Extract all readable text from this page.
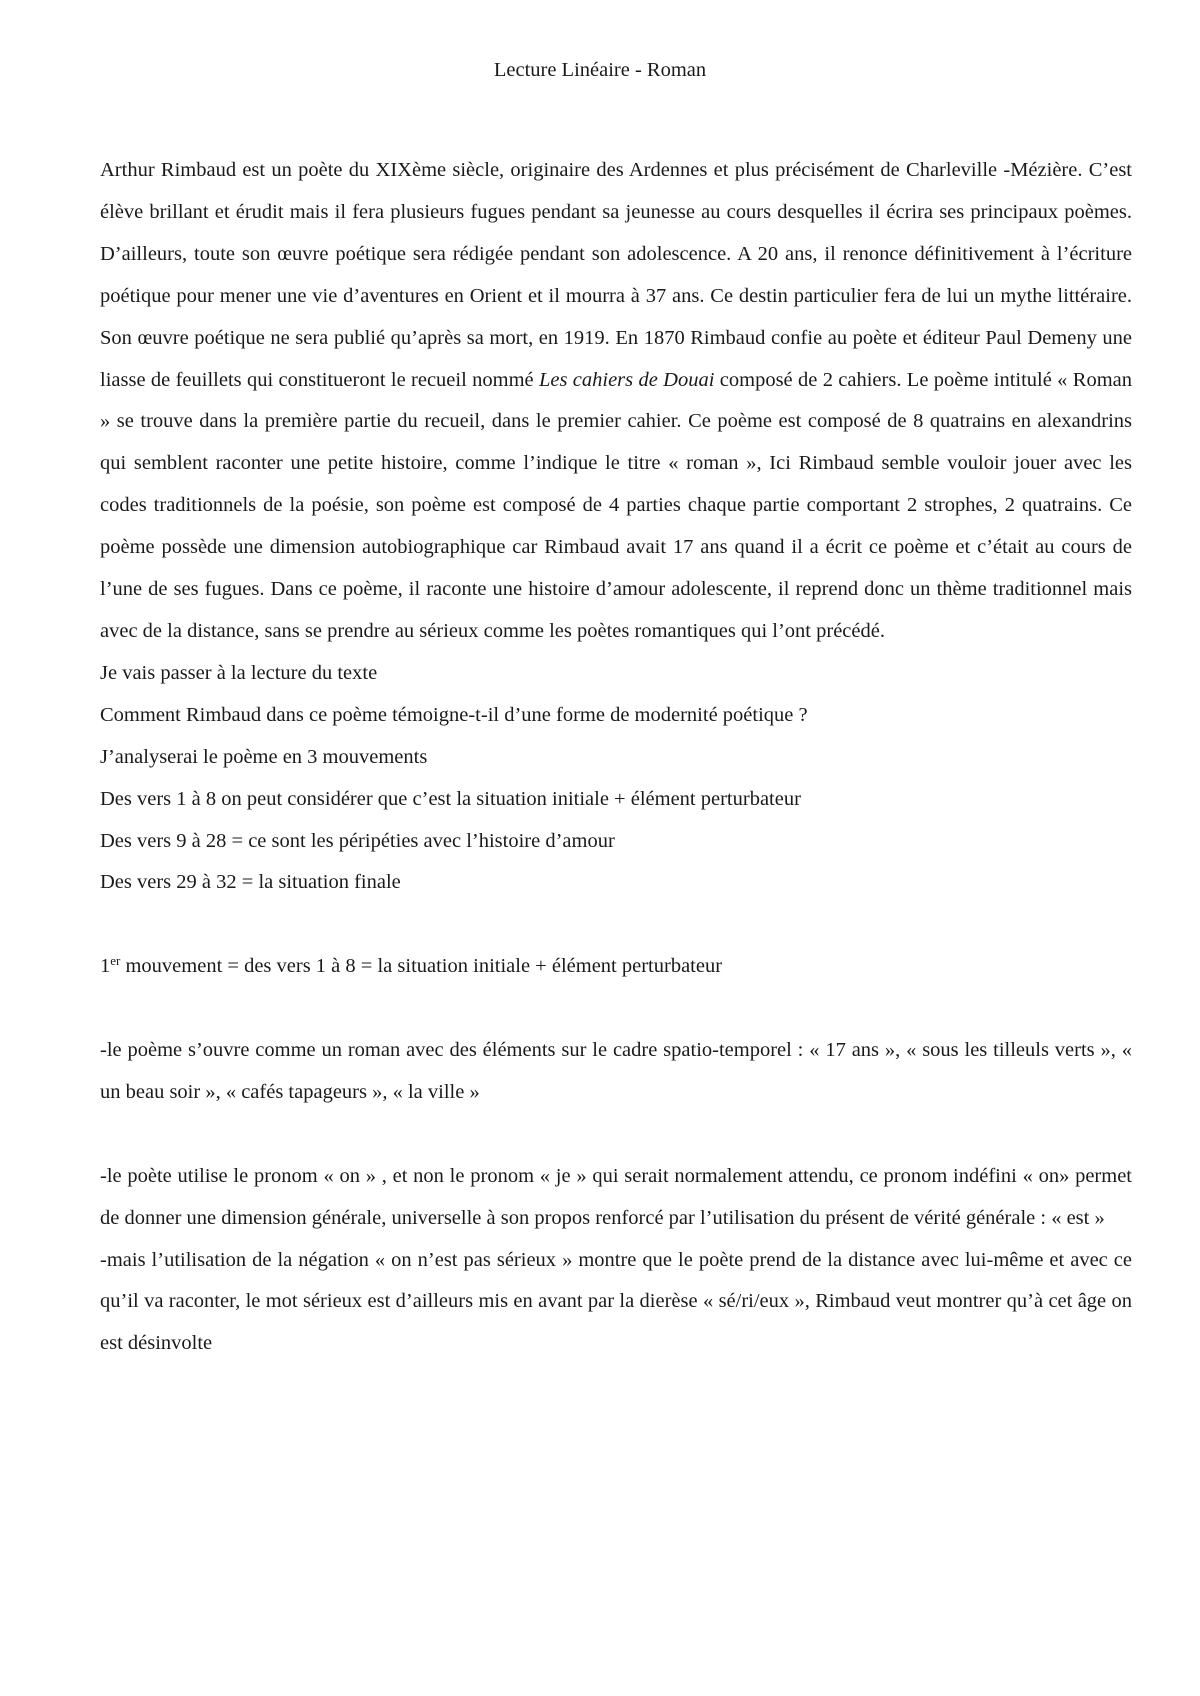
Lecture Linéaire - Roman

Arthur Rimbaud est un poète du XIXème siècle, originaire des Ardennes et plus précisément de Charleville -Mézière. C’est élève brillant et érudit mais il fera plusieurs fugues pendant sa jeunesse au cours desquelles il écrira ses principaux poèmes. D’ailleurs, toute son œuvre poétique sera rédigée pendant son adolescence. A 20 ans, il renonce définitivement à l’écriture poétique pour mener une vie d’aventures en Orient et il mourra à 37 ans. Ce destin particulier fera de lui un mythe littéraire. Son œuvre poétique ne sera publié qu’après sa mort, en 1919. En 1870 Rimbaud confie au poète et éditeur Paul Demeny une liasse de feuillets qui constitueront le recueil nommé Les cahiers de Douai composé de 2 cahiers. Le poème intitulé « Roman » se trouve dans la première partie du recueil, dans le premier cahier. Ce poème est composé de 8 quatrains en alexandrins qui semblent raconter une petite histoire, comme l’indique le titre « roman », Ici Rimbaud semble vouloir jouer avec les codes traditionnels de la poésie, son poème est composé de 4 parties chaque partie comportant 2 strophes, 2 quatrains. Ce poème possède une dimension autobiographique car Rimbaud avait 17 ans quand il a écrit ce poème et c’était au cours de l’une de ses fugues. Dans ce poème, il raconte une histoire d’amour adolescente, il reprend donc un thème traditionnel mais avec de la distance, sans se prendre au sérieux comme les poètes romantiques qui l’ont précédé.

Je vais passer à la lecture du texte

Comment Rimbaud dans ce poème témoigne-t-il d’une forme de modernité poétique ?

J’analyserai le poème en 3 mouvements

Des vers 1 à 8 on peut considérer que c’est la situation initiale + élément perturbateur

Des vers 9 à 28 = ce sont les péripéties avec l’histoire d’amour

Des vers 29 à 32 = la situation finale

1er mouvement = des vers 1 à 8 = la situation initiale + élément perturbateur

-le poème s’ouvre comme un roman avec des éléments sur le cadre spatio-temporel : « 17 ans », « sous les tilleuls verts », « un beau soir », « cafés tapageurs », « la ville »

-le poète utilise le pronom « on » , et non le pronom « je » qui serait normalement attendu, ce pronom indéfini « on» permet de donner une dimension générale, universelle à son propos renforcé par l’utilisation du présent de vérité générale : « est »

-mais l’utilisation de la négation « on n’est pas sérieux » montre que le poète prend de la distance avec lui-même et avec ce qu’il va raconter, le mot sérieux est d’ailleurs mis en avant par la dierèse « sé/ri/eux », Rimbaud veut montrer qu’à cet âge on est désinvolte
